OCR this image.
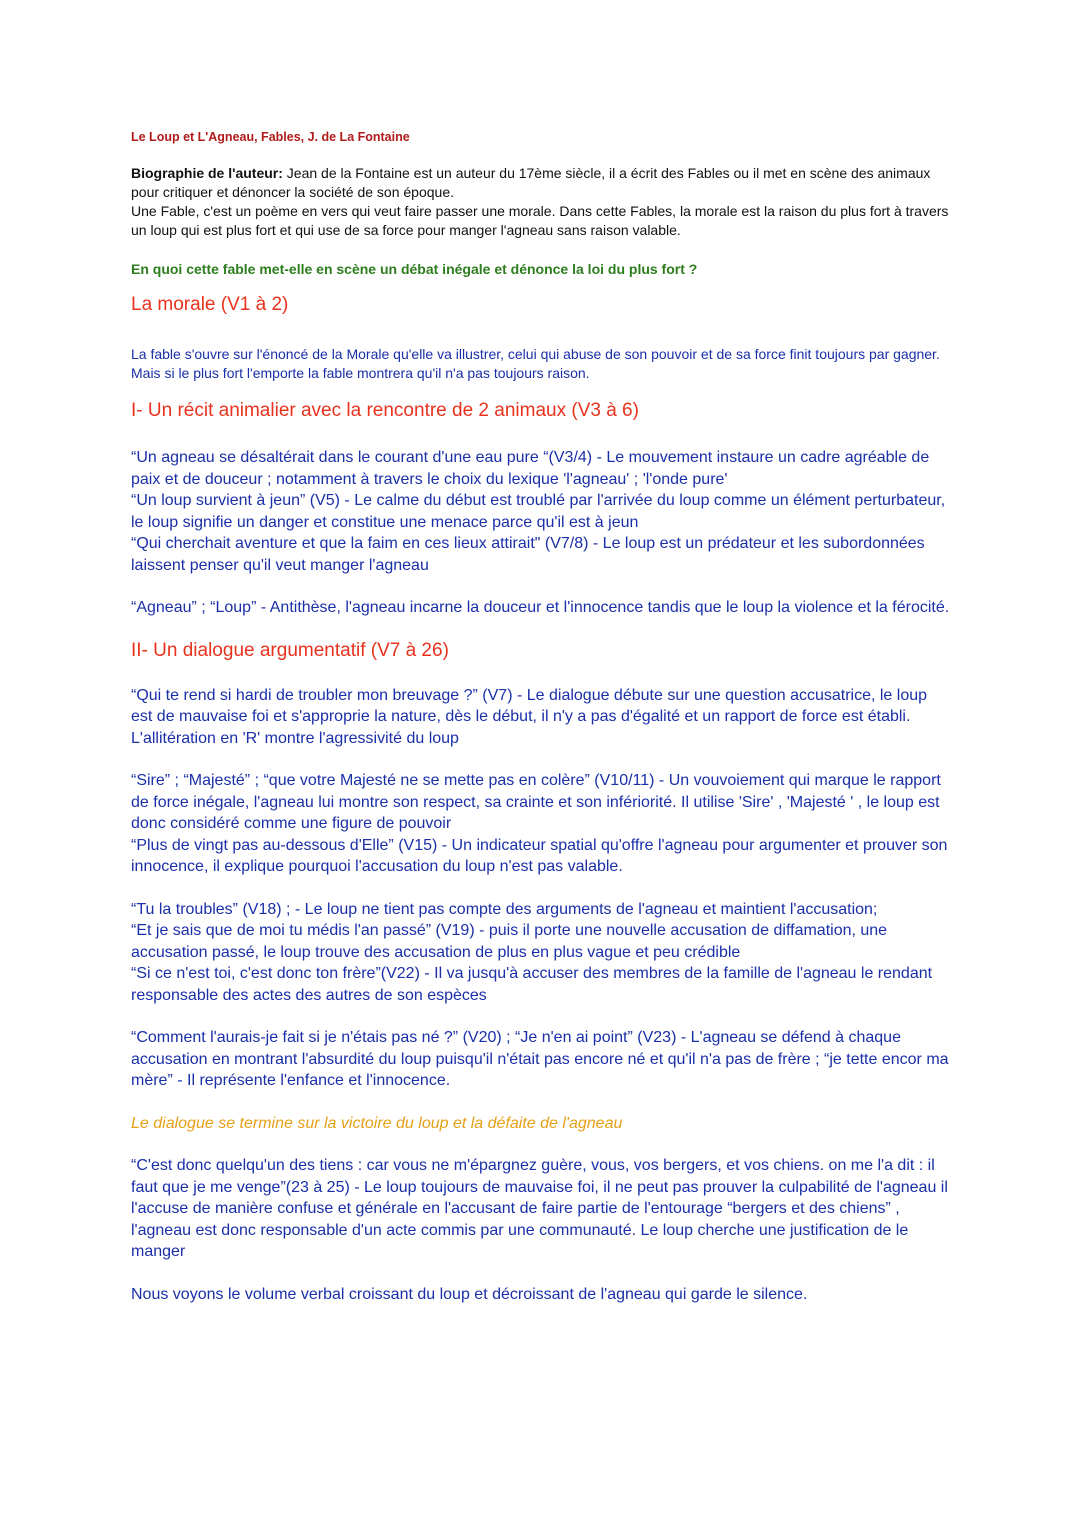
Le Loup et L'Agneau, Fables, J. de La Fontaine

Biographie de l'auteur: Jean de la Fontaine est un auteur du 17ème siècle, il a écrit des Fables ou il met en scène des animaux pour critiquer et dénoncer la société de son époque.
Une Fable, c'est un poème en vers qui veut faire passer une morale. Dans cette Fables, la morale est la raison du plus fort à travers un loup qui est plus fort et qui use de sa force pour manger l'agneau sans raison valable.

En quoi cette fable met-elle en scène un débat inégale et dénonce la loi du plus fort ?

La morale (V1 à 2)

La fable s'ouvre sur l'énoncé de la Morale qu'elle va illustrer, celui qui abuse de son pouvoir et de sa force finit toujours par gagner. Mais si le plus fort l'emporte la fable montrera qu'il n'a pas toujours raison.

I- Un récit animalier avec la rencontre de 2 animaux (V3 à 6)

“Un agneau se désaltérait dans le courant d'une eau pure “(V3/4) - Le mouvement instaure un cadre agréable de paix et de douceur ; notamment à travers le choix du lexique 'l'agneau' ; 'l'onde pure'
“Un loup survient à jeun” (V5) - Le calme du début est troublé par l'arrivée du loup comme un élément perturbateur, le loup signifie un danger et constitue une menace parce qu'il est à jeun
“Qui cherchait aventure et que la faim en ces lieux attirait" (V7/8) - Le loup est un prédateur et les subordonnées laissent penser qu'il veut manger l'agneau

“Agneau” ; “Loup” - Antithèse, l'agneau incarne la douceur et l'innocence tandis que le loup la violence et la férocité.

II- Un dialogue argumentatif (V7 à 26)

“Qui te rend si hardi de troubler mon breuvage ?” (V7) - Le dialogue débute sur une question accusatrice, le loup est de mauvaise foi et s'approprie la nature, dès le début, il n'y a pas d'égalité et un rapport de force est établi. L'allitération en 'R' montre l'agressivité du loup

“Sire” ; “Majesté” ; “que votre Majesté ne se mette pas en colère” (V10/11) - Un vouvoiement qui marque le rapport de force inégale, l'agneau lui montre son respect, sa crainte et son infériorité. Il utilise 'Sire' , 'Majesté ' , le loup est donc considéré comme une figure de pouvoir
“Plus de vingt pas au-dessous d'Elle” (V15) - Un indicateur spatial qu'offre l'agneau pour argumenter et prouver son innocence, il explique pourquoi l'accusation du loup n'est pas valable.

“Tu la troubles” (V18) ; - Le loup ne tient pas compte des arguments de l'agneau et maintient l'accusation;
“Et je sais que de moi tu médis l'an passé” (V19) - puis il porte une nouvelle accusation de diffamation, une accusation passé, le loup trouve des accusation de plus en plus vague et peu crédible
“Si ce n'est toi, c'est donc ton frère”(V22) - Il va jusqu'à accuser des membres de la famille de l'agneau le rendant responsable des actes des autres de son espèces

“Comment l'aurais-je fait si je n'étais pas né ?” (V20) ; “Je n'en ai point” (V23) - L'agneau se défend à chaque accusation en montrant l'absurdité du loup puisqu'il n'était pas encore né et qu'il n'a pas de frère ; “je tette encor ma mère” - Il représente l'enfance et l'innocence.

Le dialogue se termine sur la victoire du loup et la défaite de l'agneau

“C'est donc quelqu'un des tiens : car vous ne m'épargnez guère, vous, vos bergers, et vos chiens. on me l'a dit : il faut que je me venge”(23 à 25) - Le loup toujours de mauvaise foi, il ne peut pas prouver la culpabilité de l'agneau il l'accuse de manière confuse et générale en l'accusant de faire partie de l'entourage “bergers et des chiens” , l'agneau est donc responsable d'un acte commis par une communauté. Le loup cherche une justification de le manger

Nous voyons le volume verbal croissant du loup et décroissant de l'agneau qui garde le silence.
